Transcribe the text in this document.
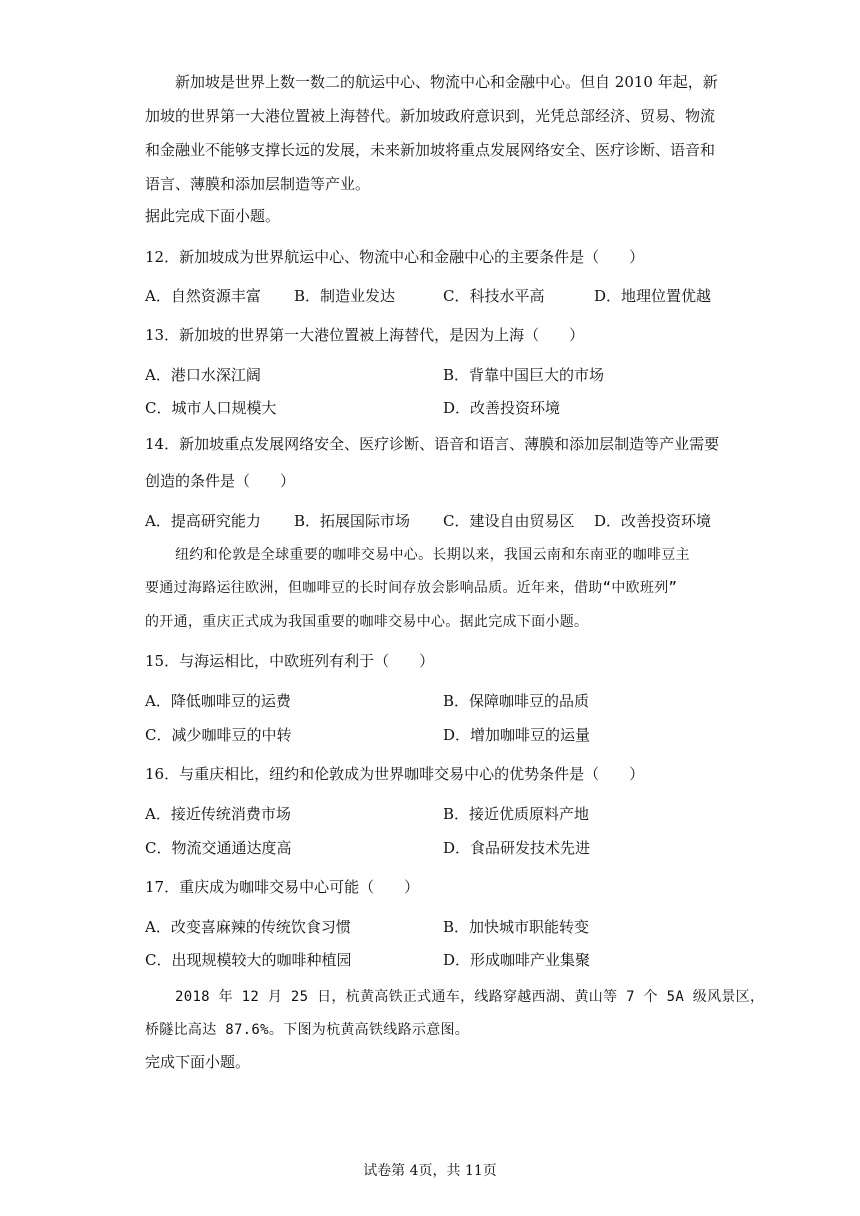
新加坡是世界上数一数二的航运中心、物流中心和金融中心。但自 2010 年起，新
加坡的世界第一大港位置被上海替代。新加坡政府意识到，光凭总部经济、贸易、物流
和金融业不能够支撑长远的发展，未来新加坡将重点发展网络安全、医疗诊断、语音和
语言、薄膜和添加层制造等产业。
据此完成下面小题。
12．新加坡成为世界航运中心、物流中心和金融中心的主要条件是（　　）
A．自然资源丰富 B．制造业发达	C．科技水平高	D．地理位置优越
13．新加坡的世界第一大港位置被上海替代，是因为上海（　　）
A．港口水深江阔	B．背靠中国巨大的市场
C．城市人口规模大	D．改善投资环境
14．新加坡重点发展网络安全、医疗诊断、语音和语言、薄膜和添加层制造等产业需要
创造的条件是（　　）
A．提高研究能力 B．拓展国际市场 C．建设自由贸易区 D．改善投资环境
纽约和伦敦是全球重要的咖啡交易中心。长期以来，我国云南和东南亚的咖啡豆主
要通过海路运往欧洲，但咖啡豆的长时间存放会影响品质。近年来，借助“中欧班列”
的开通，重庆正式成为我国重要的咖啡交易中心。据此完成下面小题。
15．与海运相比，中欧班列有利于（　　）
A．降低咖啡豆的运费	B．保障咖啡豆的品质
C．减少咖啡豆的中转	D．增加咖啡豆的运量
16．与重庆相比，纽约和伦敦成为世界咖啡交易中心的优势条件是（　　）
A．接近传统消费市场	B．接近优质原料产地
C．物流交通通达度高	D．食品研发技术先进
17．重庆成为咖啡交易中心可能（　　）
A．改变喜麻辣的传统饮食习惯	B．加快城市职能转变
C．出现规模较大的咖啡种植园	D．形成咖啡产业集聚
2018 年 12 月 25 日，杭黄高铁正式通车，线路穿越西湖、黄山等 7 个 5A 级风景区，
桥隧比高达 87.6%。下图为杭黄高铁线路示意图。
完成下面小题。
试卷第 4页，共 11页
